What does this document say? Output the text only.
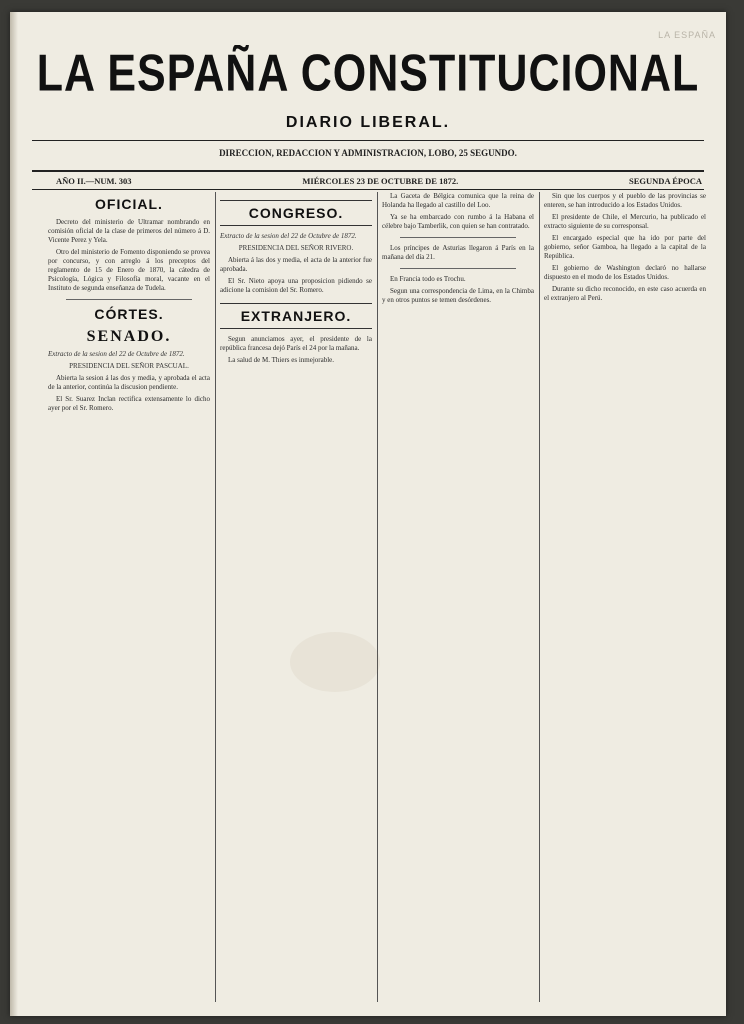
LA ESPAÑA
LA ESPAÑA CONSTITUCIONAL
DIARIO LIBERAL.
DIRECCION, REDACCION Y ADMINISTRACION, LOBO, 25 SEGUNDO.
AÑO II.—NUM. 303	MIÉRCOLES 23 DE OCTUBRE DE 1872.	SEGUNDA ÉPOCA
OFICIAL.

Decreto del ministerio de Ultramar nombrando en comisión oficial de la clase de primeros del número á D. Vicente Perez y Yela.

Otro del ministerio de Fomento disponiendo se provea por concurso, y con arreglo á los preceptos del reglamento de 15 de Enero de 1870, la cátedra de Psicología, Lógica y Filosofía moral, vacante en el Instituto de segunda enseñanza de Tudela.

CÓRTES.
SENADO.
Extracto de la sesion del 22 de Octubre de 1872.
PRESIDENCIA DEL SEÑOR PASCUAL.

Abierta la sesion á las dos y media, y aprobada el acta de la anterior, continúa la discusion pendiente.

El Sr. Suarez Inclan rectifica extensamente lo dicho ayer por el Sr. Romero.

CONGRESO.
Extracto de la sesion del 22 de Octubre de 1872.
PRESIDENCIA DEL SEÑOR RIVERO.

Abierta á las dos y media, el acta de la anterior fue aprobada.

El Sr. Nieto apoya una proposicion pidiendo se adicione la comision del Sr. Romero.

EXTRANJERO.

Segun anunciamos ayer, el presidente de la república francesa dejó París el 24 por la mañana.

La salud de M. Thiers es inmejorable.

La Gaceta de Bélgica comunica que la reina de Holanda ha llegado al castillo del Loo.

Ya se ha embarcado con rumbo á la Habana el célebre bajo Tamberlik, con quien se han contratado.

Los príncipes de Asturias llegaron á París en la mañana del día 21.

En Francia todo es Trochu.

Segun una correspondencia de Lima, en la Chimba y en otros puntos se temen desórdenes.

Sin que los cuerpos y el pueblo de las provincias se enteren, se han introducido a los Estados Unidos.

El presidente de Chile, el Mercurio, ha publicado el extracto siguiente de su corresponsal.

El encargado especial que ha ido por parte del gobierno, señor Gamboa, ha llegado a la capital de la República.

El gobierno de Washington declaró no hallarse dispuesto en el modo de los Estados Unidos.

Durante su dicho reconocido, en este caso acuerda en el extranjero al Perú.
